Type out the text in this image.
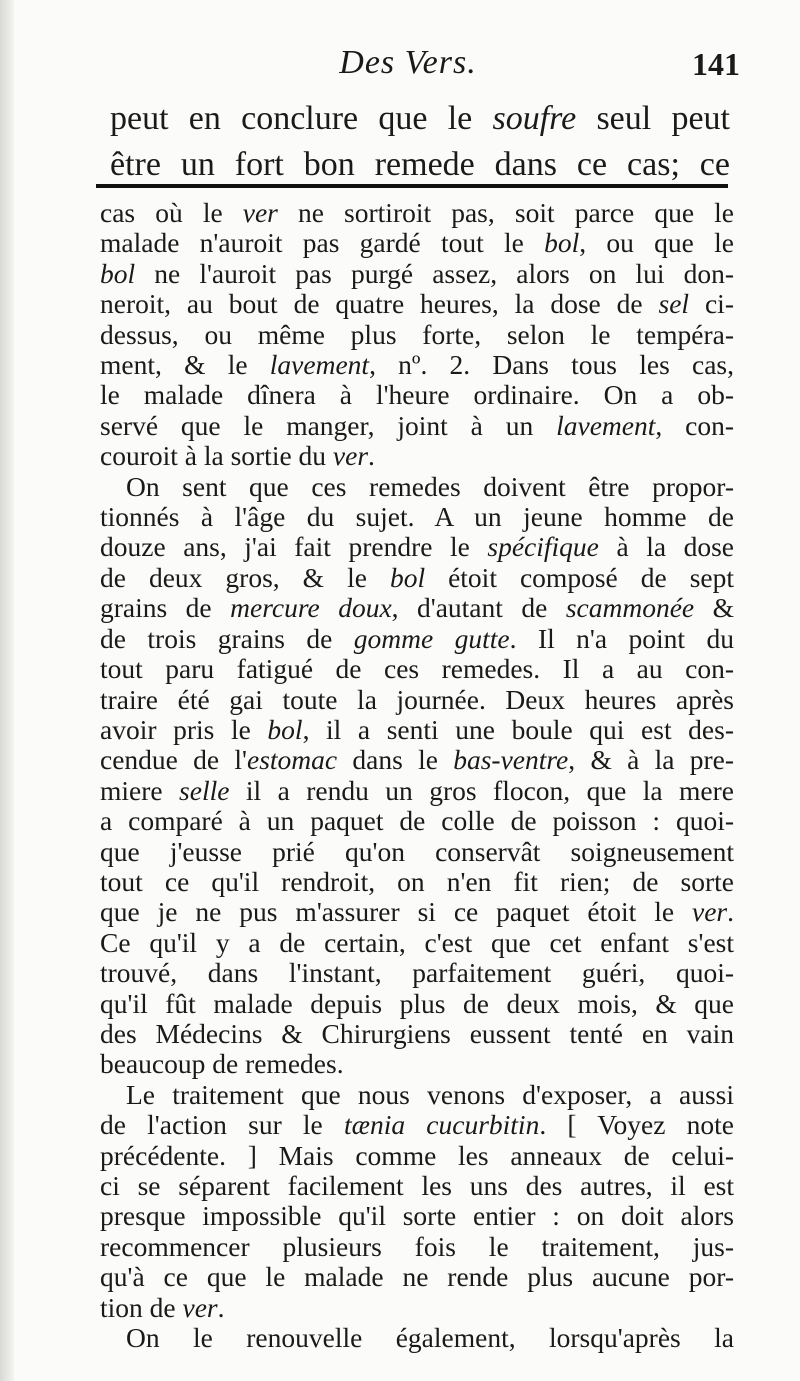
Des Vers.	141
peut en conclure que le soufre seul peut
être un fort bon remede dans ce cas; ce
cas où le ver ne sortiroit pas, soit parce que le
malade n'auroit pas gardé tout le bol, ou que le
bol ne l'auroit pas purgé assez, alors on lui don-
neroit, au bout de quatre heures, la dose de sel ci-
dessus, ou même plus forte, selon le tempéra-
ment, & le lavement, nº. 2. Dans tous les cas,
le malade dînera à l'heure ordinaire. On a ob-
servé que le manger, joint à un lavement, con-
couroit à la sortie du ver.
On sent que ces remedes doivent être propor-
tionnés à l'âge du sujet. A un jeune homme de
douze ans, j'ai fait prendre le spécifique à la dose
de deux gros, & le bol étoit composé de sept
grains de mercure doux, d'autant de scammonée &
de trois grains de gomme gutte. Il n'a point du
tout paru fatigué de ces remedes. Il a au con-
traire été gai toute la journée. Deux heures après
avoir pris le bol, il a senti une boule qui est des-
cendue de l'estomac dans le bas-ventre, & à la pre-
miere selle il a rendu un gros flocon, que la mere
a comparé à un paquet de colle de poisson : quoi-
que j'eusse prié qu'on conservât soigneusement
tout ce qu'il rendroit, on n'en fit rien; de sorte
que je ne pus m'assurer si ce paquet étoit le ver.
Ce qu'il y a de certain, c'est que cet enfant s'est
trouvé, dans l'instant, parfaitement guéri, quoi-
qu'il fût malade depuis plus de deux mois, & que
des Médecins & Chirurgiens eussent tenté en vain
beaucoup de remedes.
Le traitement que nous venons d'exposer, a aussi
de l'action sur le tænia cucurbitin. [ Voyez note
précédente. ] Mais comme les anneaux de celui-
ci se séparent facilement les uns des autres, il est
presque impossible qu'il sorte entier : on doit alors
recommencer plusieurs fois le traitement, jus-
qu'à ce que le malade ne rende plus aucune por-
tion de ver.
On le renouvelle également, lorsqu'après la
